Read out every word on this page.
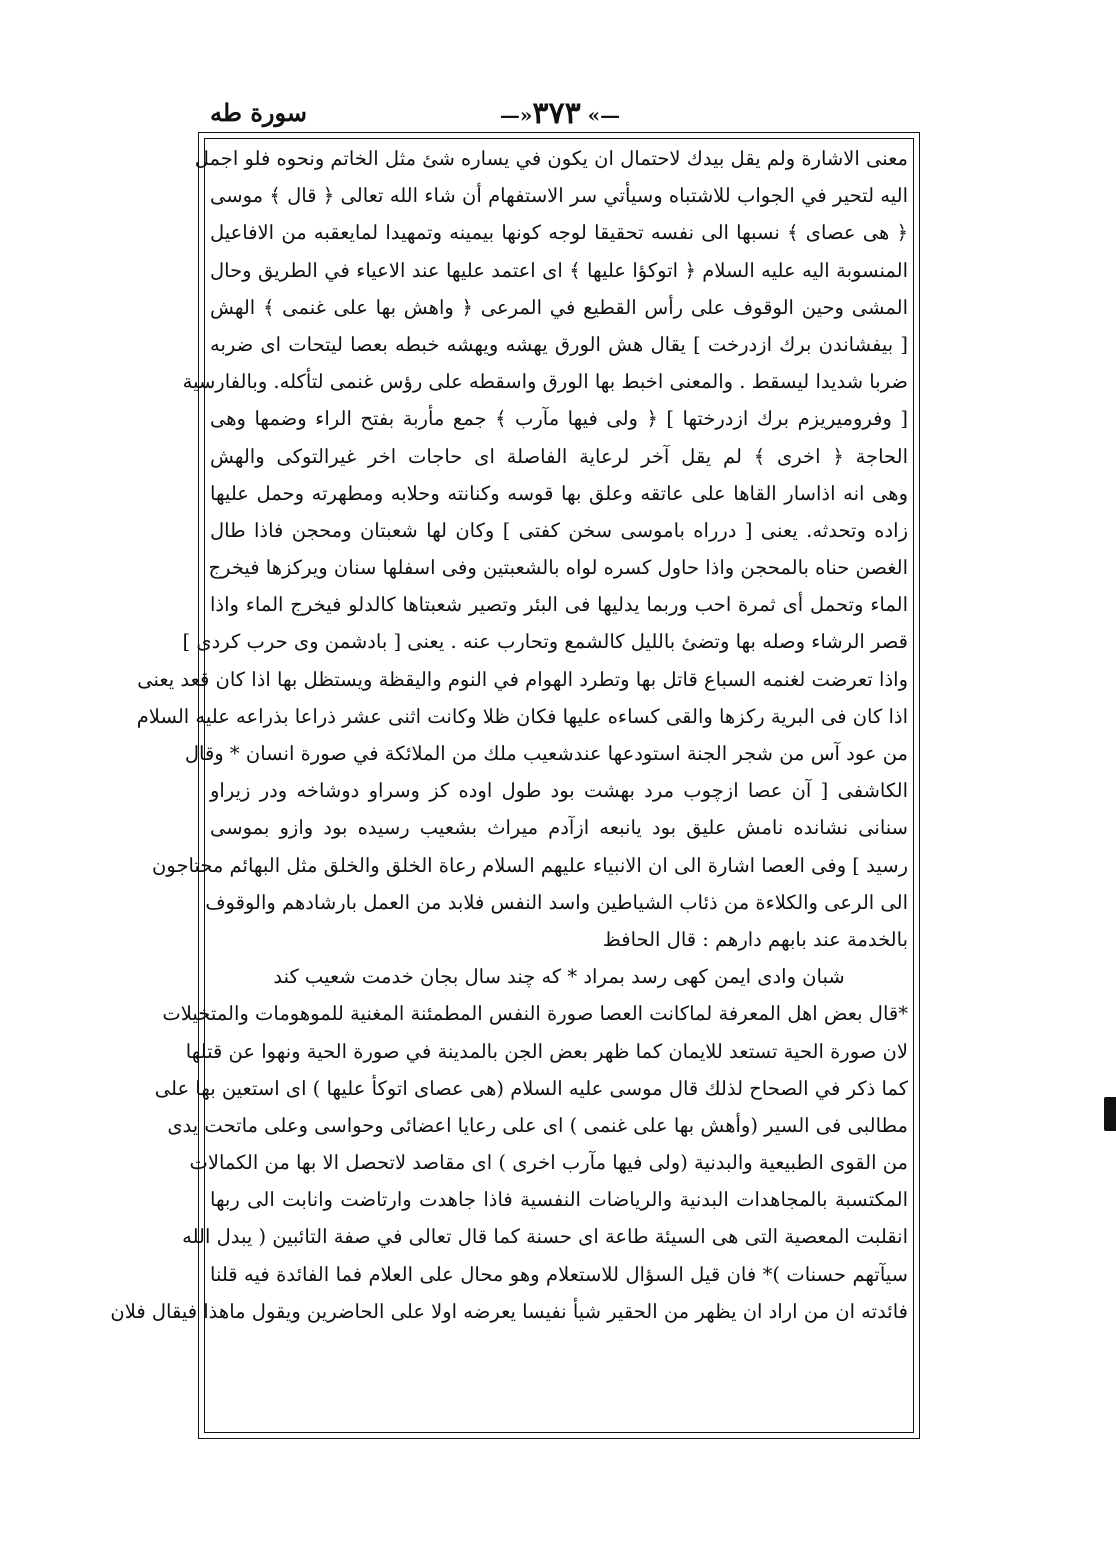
سورة طه
—»	٣٧٣ «—
معنى الاشارة ولم يقل بيدك لاحتمال ان يكون في يساره شئ مثل الخاتم ونحوه فلو اجمل
اليه لتحير في الجواب للاشتباه وسيأتي سر الاستفهام أن شاء الله تعالى ﴿ قال ﴾ موسى
﴿ هى عصاى ﴾ نسبها الى نفسه تحقيقا لوجه كونها بيمينه وتمهيدا لمايعقبه من الافاعيل
المنسوبة اليه عليه السلام ﴿ اتوكؤا عليها ﴾ اى اعتمد عليها عند الاعياء في الطريق وحال
المشى وحين الوقوف على رأس القطيع في المرعى ﴿ واهش بها على غنمى ﴾ الهش
[ بيفشاندن برك ازدرخت ] يقال هش الورق يهشه ويهشه خبطه بعصا ليتحات اى ضربه
ضربا شديدا ليسقط . والمعنى اخبط بها الورق واسقطه على رؤس غنمى لتأكله. وبالفارسية
[ وفروميريزم برك ازدرختها ] ﴿ ولى فيها مآرب ﴾ جمع مأربة بفتح الراء وضمها وهى
الحاجة ﴿ اخرى ﴾ لم يقل آخر لرعاية الفاصلة اى حاجات اخر غيرالتوكى والهش
وهى انه اذاسار القاها على عاتقه وعلق بها قوسه وكنانته وحلابه ومطهرته وحمل عليها
زاده وتحدثه. يعنى [ درراه باموسى سخن كفتى ] وكان لها شعبتان ومحجن فاذا طال
الغصن حناه بالمحجن واذا حاول كسره لواه بالشعبتين وفى اسفلها سنان ويركزها فيخرج
الماء وتحمل أى ثمرة احب وربما يدليها فى البئر وتصير شعبتاها كالدلو فيخرج الماء واذا
قصر الرشاء وصله بها وتضئ بالليل كالشمع وتحارب عنه . يعنى [ بادشمن وى حرب كردى ]
واذا تعرضت لغنمه السباع قاتل بها وتطرد الهوام في النوم واليقظة ويستظل بها اذا كان قعد يعنى
اذا كان فى البرية ركزها والقى كساءه عليها فكان ظلا وكانت اثنى عشر ذراعا بذراعه عليه السلام
من عود آس من شجر الجنة استودعها عندشعيب ملك من الملائكة في صورة انسان * وقال
الكاشفى [ آن عصا ازچوب مرد بهشت بود طول اوده كز وسراو دوشاخه ودر زيراو
سنانى نشانده نامش عليق بود يانبعه ازآدم ميراث بشعيب رسيده بود وازو بموسى
رسيد ] وفى العصا اشارة الى ان الانبياء عليهم السلام رعاة الخلق والخلق مثل البهائم محتاجون
الى الرعى والكلاءة من ذئاب الشياطين واسد النفس فلابد من العمل بارشادهم والوقوف
بالخدمة عند بابهم دارهم : قال الحافظ
شبان وادى ايمن كهى رسد بمراد * كه چند سال بجان خدمت شعيب كند
*قال بعض اهل المعرفة لماكانت العصا صورة النفس المطمئنة المغنية للموهومات والمتخيلات
لان صورة الحية تستعد للايمان كما ظهر بعض الجن بالمدينة في صورة الحية ونهوا عن قتلها
كما ذكر في الصحاح لذلك قال موسى عليه السلام (هى عصاى اتوكأ عليها ) اى استعين بها على
مطالبى فى السير (وأهش بها على غنمى ) اى على رعايا اعضائى وحواسى وعلى ماتحت يدى
من القوى الطبيعية والبدنية (ولى فيها مآرب اخرى ) اى مقاصد لاتحصل الا بها من الكمالات
المكتسبة بالمجاهدات البدنية والرياضات النفسية فاذا جاهدت وارتاضت وانابت الى ربها
انقلبت المعصية التى هى السيئة طاعة اى حسنة كما قال تعالى في صفة التائبين ( يبدل الله
سيآتهم حسنات )* فان قيل السؤال للاستعلام وهو محال على العلام فما الفائدة فيه قلنا
فائدته ان من اراد ان يظهر من الحقير شيأ نفيسا يعرضه اولا على الحاضرين ويقول ماهذا فيقال فلان
